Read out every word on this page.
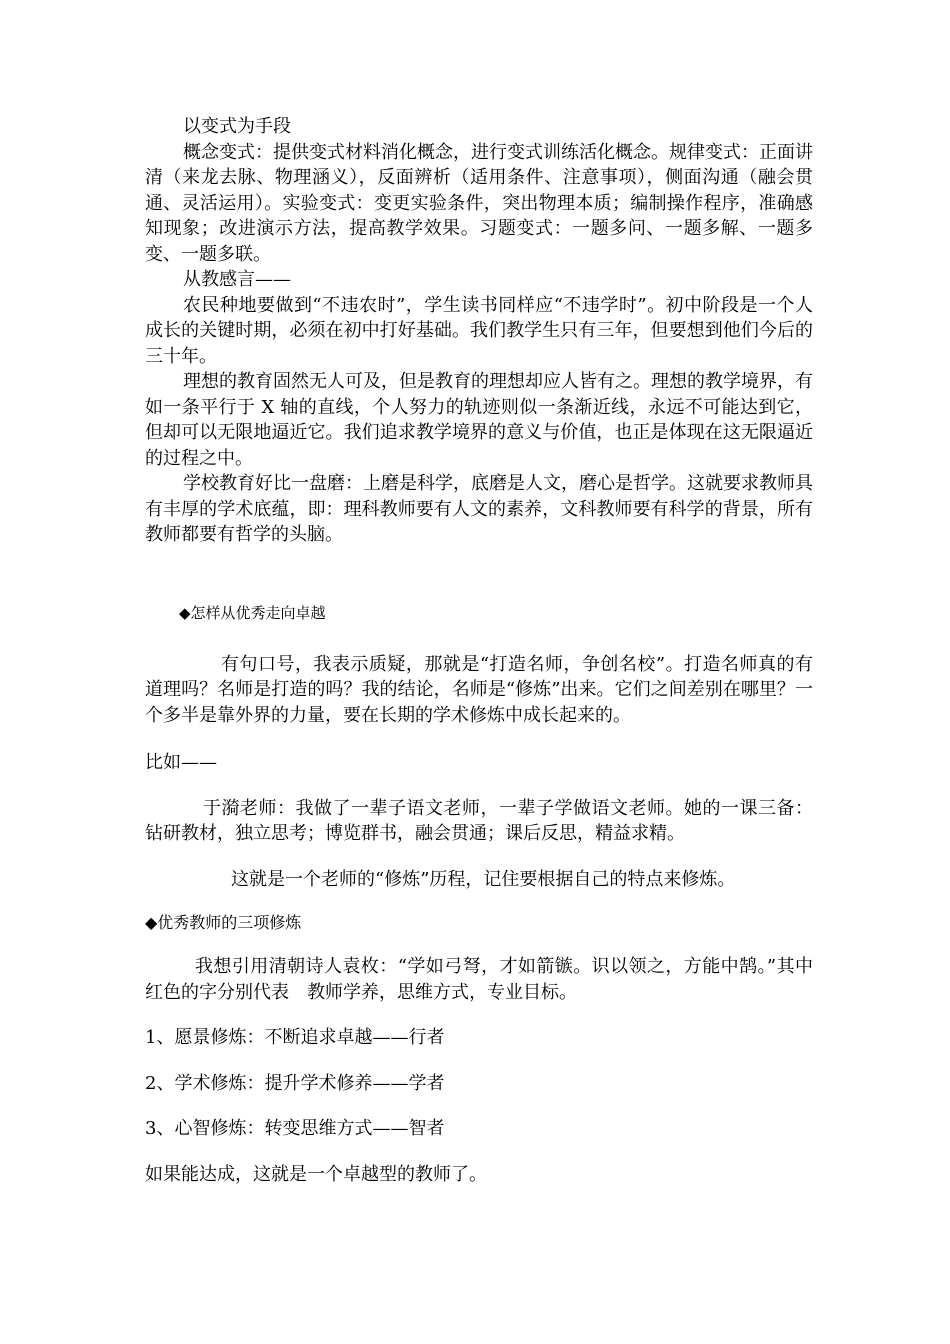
以变式为手段

概念变式：提供变式材料消化概念，进行变式训练活化概念。规律变式：正面讲清（来龙去脉、物理涵义），反面辨析（适用条件、注意事项），侧面沟通（融会贯通、灵活运用）。实验变式：变更实验条件，突出物理本质；编制操作程序，准确感知现象；改进演示方法，提高教学效果。习题变式：一题多问、一题多解、一题多变、一题多联。

从教感言——

农民种地要做到“不违农时”，学生读书同样应“不违学时”。初中阶段是一个人成长的关键时期，必须在初中打好基础。我们教学生只有三年，但要想到他们今后的三十年。

理想的教育固然无人可及，但是教育的理想却应人皆有之。理想的教学境界，有如一条平行于 X 轴的直线，个人努力的轨迹则似一条渐近线，永远不可能达到它，但却可以无限地逼近它。我们追求教学境界的意义与价值，也正是体现在这无限逼近的过程之中。

学校教育好比一盘磨：上磨是科学，底磨是人文，磨心是哲学。这就要求教师具有丰厚的学术底蕴，即：理科教师要有人文的素养，文科教师要有科学的背景，所有教师都要有哲学的头脑。

◆怎样从优秀走向卓越

有句口号，我表示质疑，那就是“打造名师，争创名校”。打造名师真的有道理吗？名师是打造的吗？我的结论，名师是“修炼”出来。它们之间差别在哪里？一个多半是靠外界的力量，要在长期的学术修炼中成长起来的。

比如——

于漪老师：我做了一辈子语文老师，一辈子学做语文老师。她的一课三备：钻研教材，独立思考；博览群书，融会贯通；课后反思，精益求精。

这就是一个老师的“修炼”历程，记住要根据自己的特点来修炼。

◆优秀教师的三项修炼

我想引用清朝诗人袁枚：“学如弓弩，才如箭镞。识以领之，方能中鹄。”其中红色的字分别代表　教师学养，思维方式，专业目标。

1、愿景修炼：不断追求卓越——行者

2、学术修炼：提升学术修养——学者

3、心智修炼：转变思维方式——智者

如果能达成，这就是一个卓越型的教师了。
